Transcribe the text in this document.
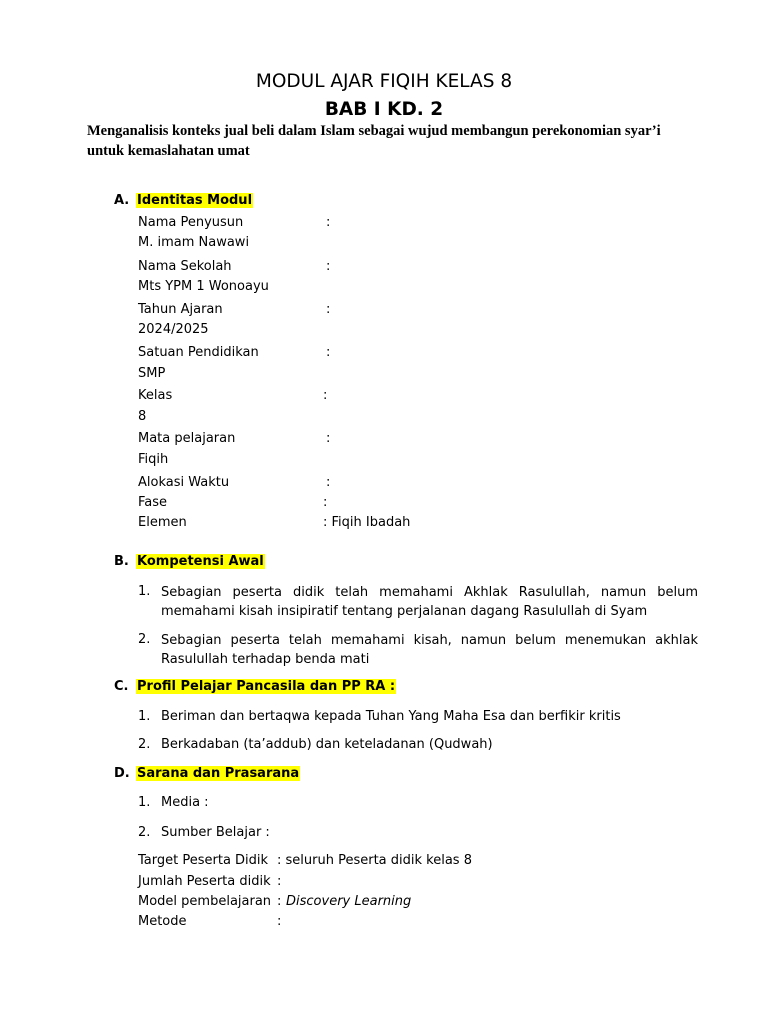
MODUL AJAR FIQIH KELAS 8
BAB I KD. 2
Menganalisis konteks jual beli dalam Islam sebagai wujud membangun perekonomian syar’i untuk kemaslahatan umat
A. Identitas Modul
Nama Penyusun	:
M. imam Nawawi
Nama Sekolah	:
Mts YPM 1 Wonoayu
Tahun Ajaran	:
2024/2025
Satuan Pendidikan	:
SMP
Kelas	:
8
Mata pelajaran	:
Fiqih
Alokasi Waktu	:
Fase	:
Elemen	: Fiqih Ibadah
B. Kompetensi Awal
1. Sebagian peserta didik telah memahami Akhlak Rasulullah, namun belum memahami kisah insipiratif tentang perjalanan dagang Rasulullah di Syam
2. Sebagian peserta telah memahami kisah, namun belum menemukan akhlak Rasulullah terhadap benda mati
C. Profil Pelajar Pancasila dan PP RA :
1. Beriman dan bertaqwa kepada Tuhan Yang Maha Esa dan berfikir kritis
2. Berkadaban (ta’addub) dan keteladanan (Qudwah)
D. Sarana dan Prasarana
1. Media :
2. Sumber Belajar :
Target Peserta Didik : seluruh Peserta didik kelas 8
Jumlah Peserta didik :
Model pembelajaran : Discovery Learning
Metode	:
